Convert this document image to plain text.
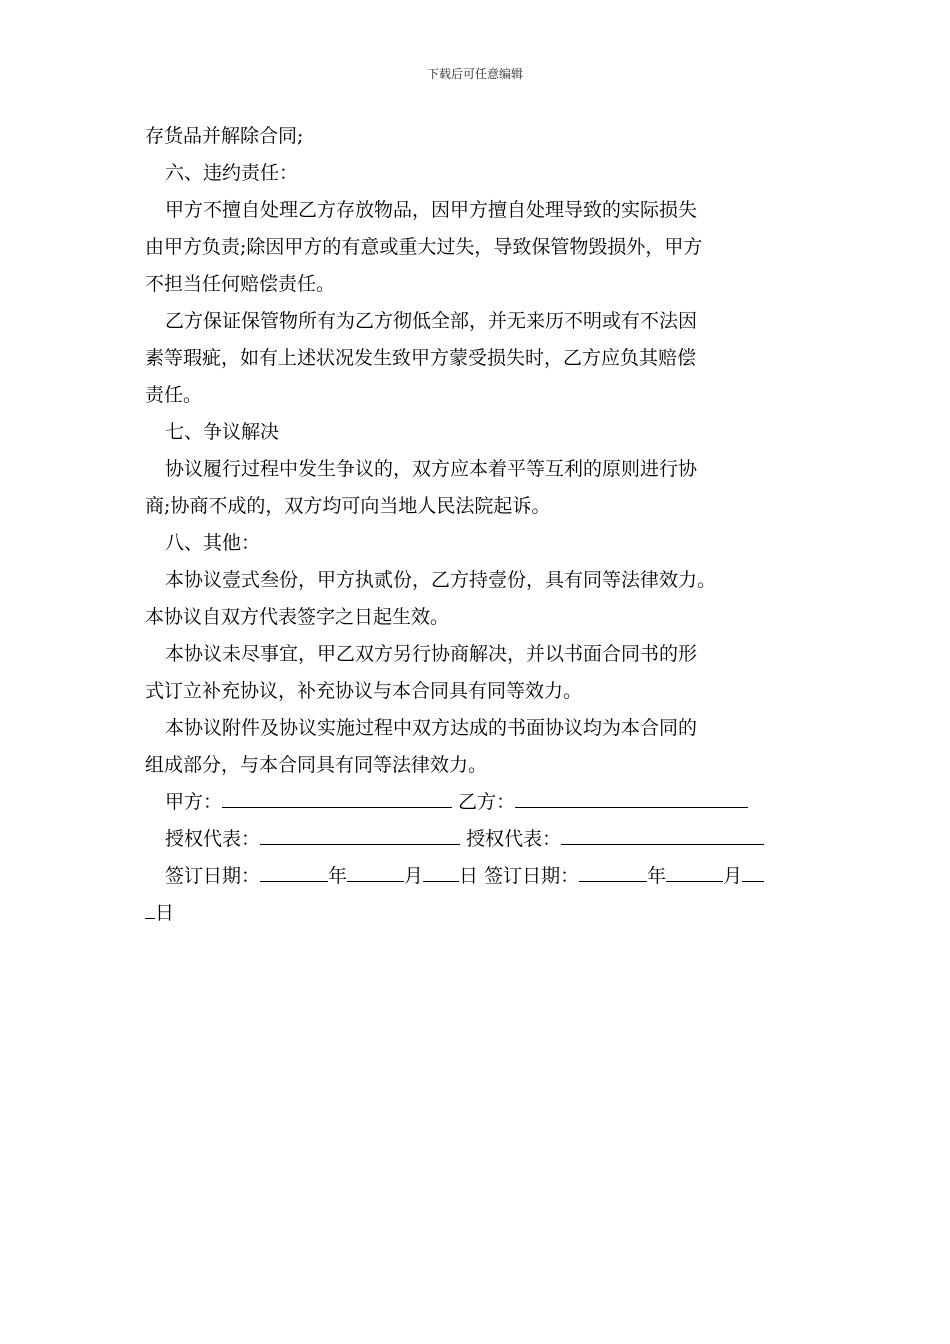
下载后可任意编辑

存货品并解除合同;

六、违约责任：

甲方不擅自处理乙方存放物品，因甲方擅自处理导致的实际损失

由甲方负责;除因甲方的有意或重大过失，导致保管物毁损外，甲方

不担当任何赔偿责任。

乙方保证保管物所有为乙方彻低全部，并无来历不明或有不法因

素等瑕疵，如有上述状况发生致甲方蒙受损失时，乙方应负其赔偿

责任。

七、争议解决

协议履行过程中发生争议的，双方应本着平等互利的原则进行协

商;协商不成的，双方均可向当地人民法院起诉。

八、其他：

本协议壹式叁份，甲方执贰份，乙方持壹份，具有同等法律效力。

本协议自双方代表签字之日起生效。

本协议未尽事宜，甲乙双方另行协商解决，并以书面合同书的形

式订立补充协议，补充协议与本合同具有同等效力。

本协议附件及协议实施过程中双方达成的书面协议均为本合同的

组成部分，与本合同具有同等法律效力。

甲方：	乙方：

授权代表：	授权代表：

签订日期：	年	月 日 签订日期：	年	月

日
